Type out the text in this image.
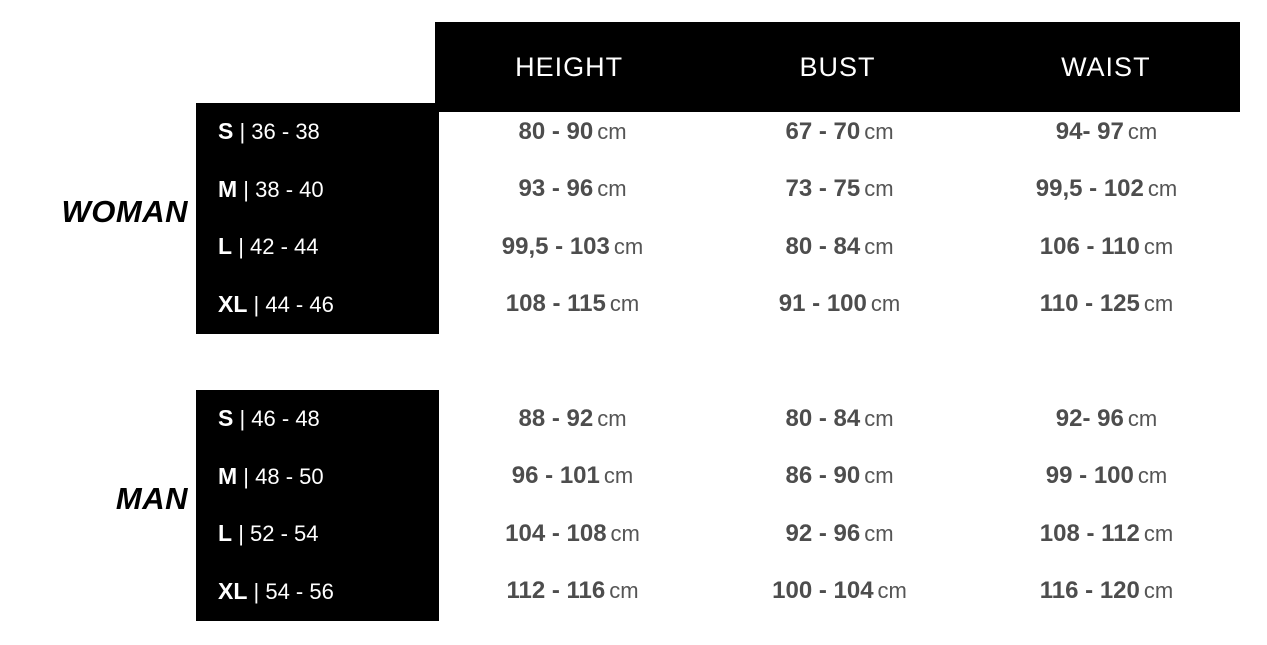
HEIGHT	BUST	WAIST
WOMAN
S | 36 - 38	80 - 90 cm	67 - 70 cm	94- 97 cm
M | 38 - 40	93 - 96 cm	73 - 75 cm	99,5 - 102 cm
L | 42 - 44	99,5 - 103 cm	80 - 84 cm	106 - 110 cm
XL | 44 - 46	108 - 115 cm	91 - 100 cm	110 - 125 cm
MAN
S | 46 - 48	88 - 92 cm	80 - 84 cm	92- 96 cm
M | 48 - 50	96 - 101 cm	86 - 90 cm	99 - 100 cm
L | 52 - 54	104 - 108 cm	92 - 96 cm	108 - 112 cm
XL | 54 - 56	112 - 116 cm	100 - 104 cm	116 - 120 cm
